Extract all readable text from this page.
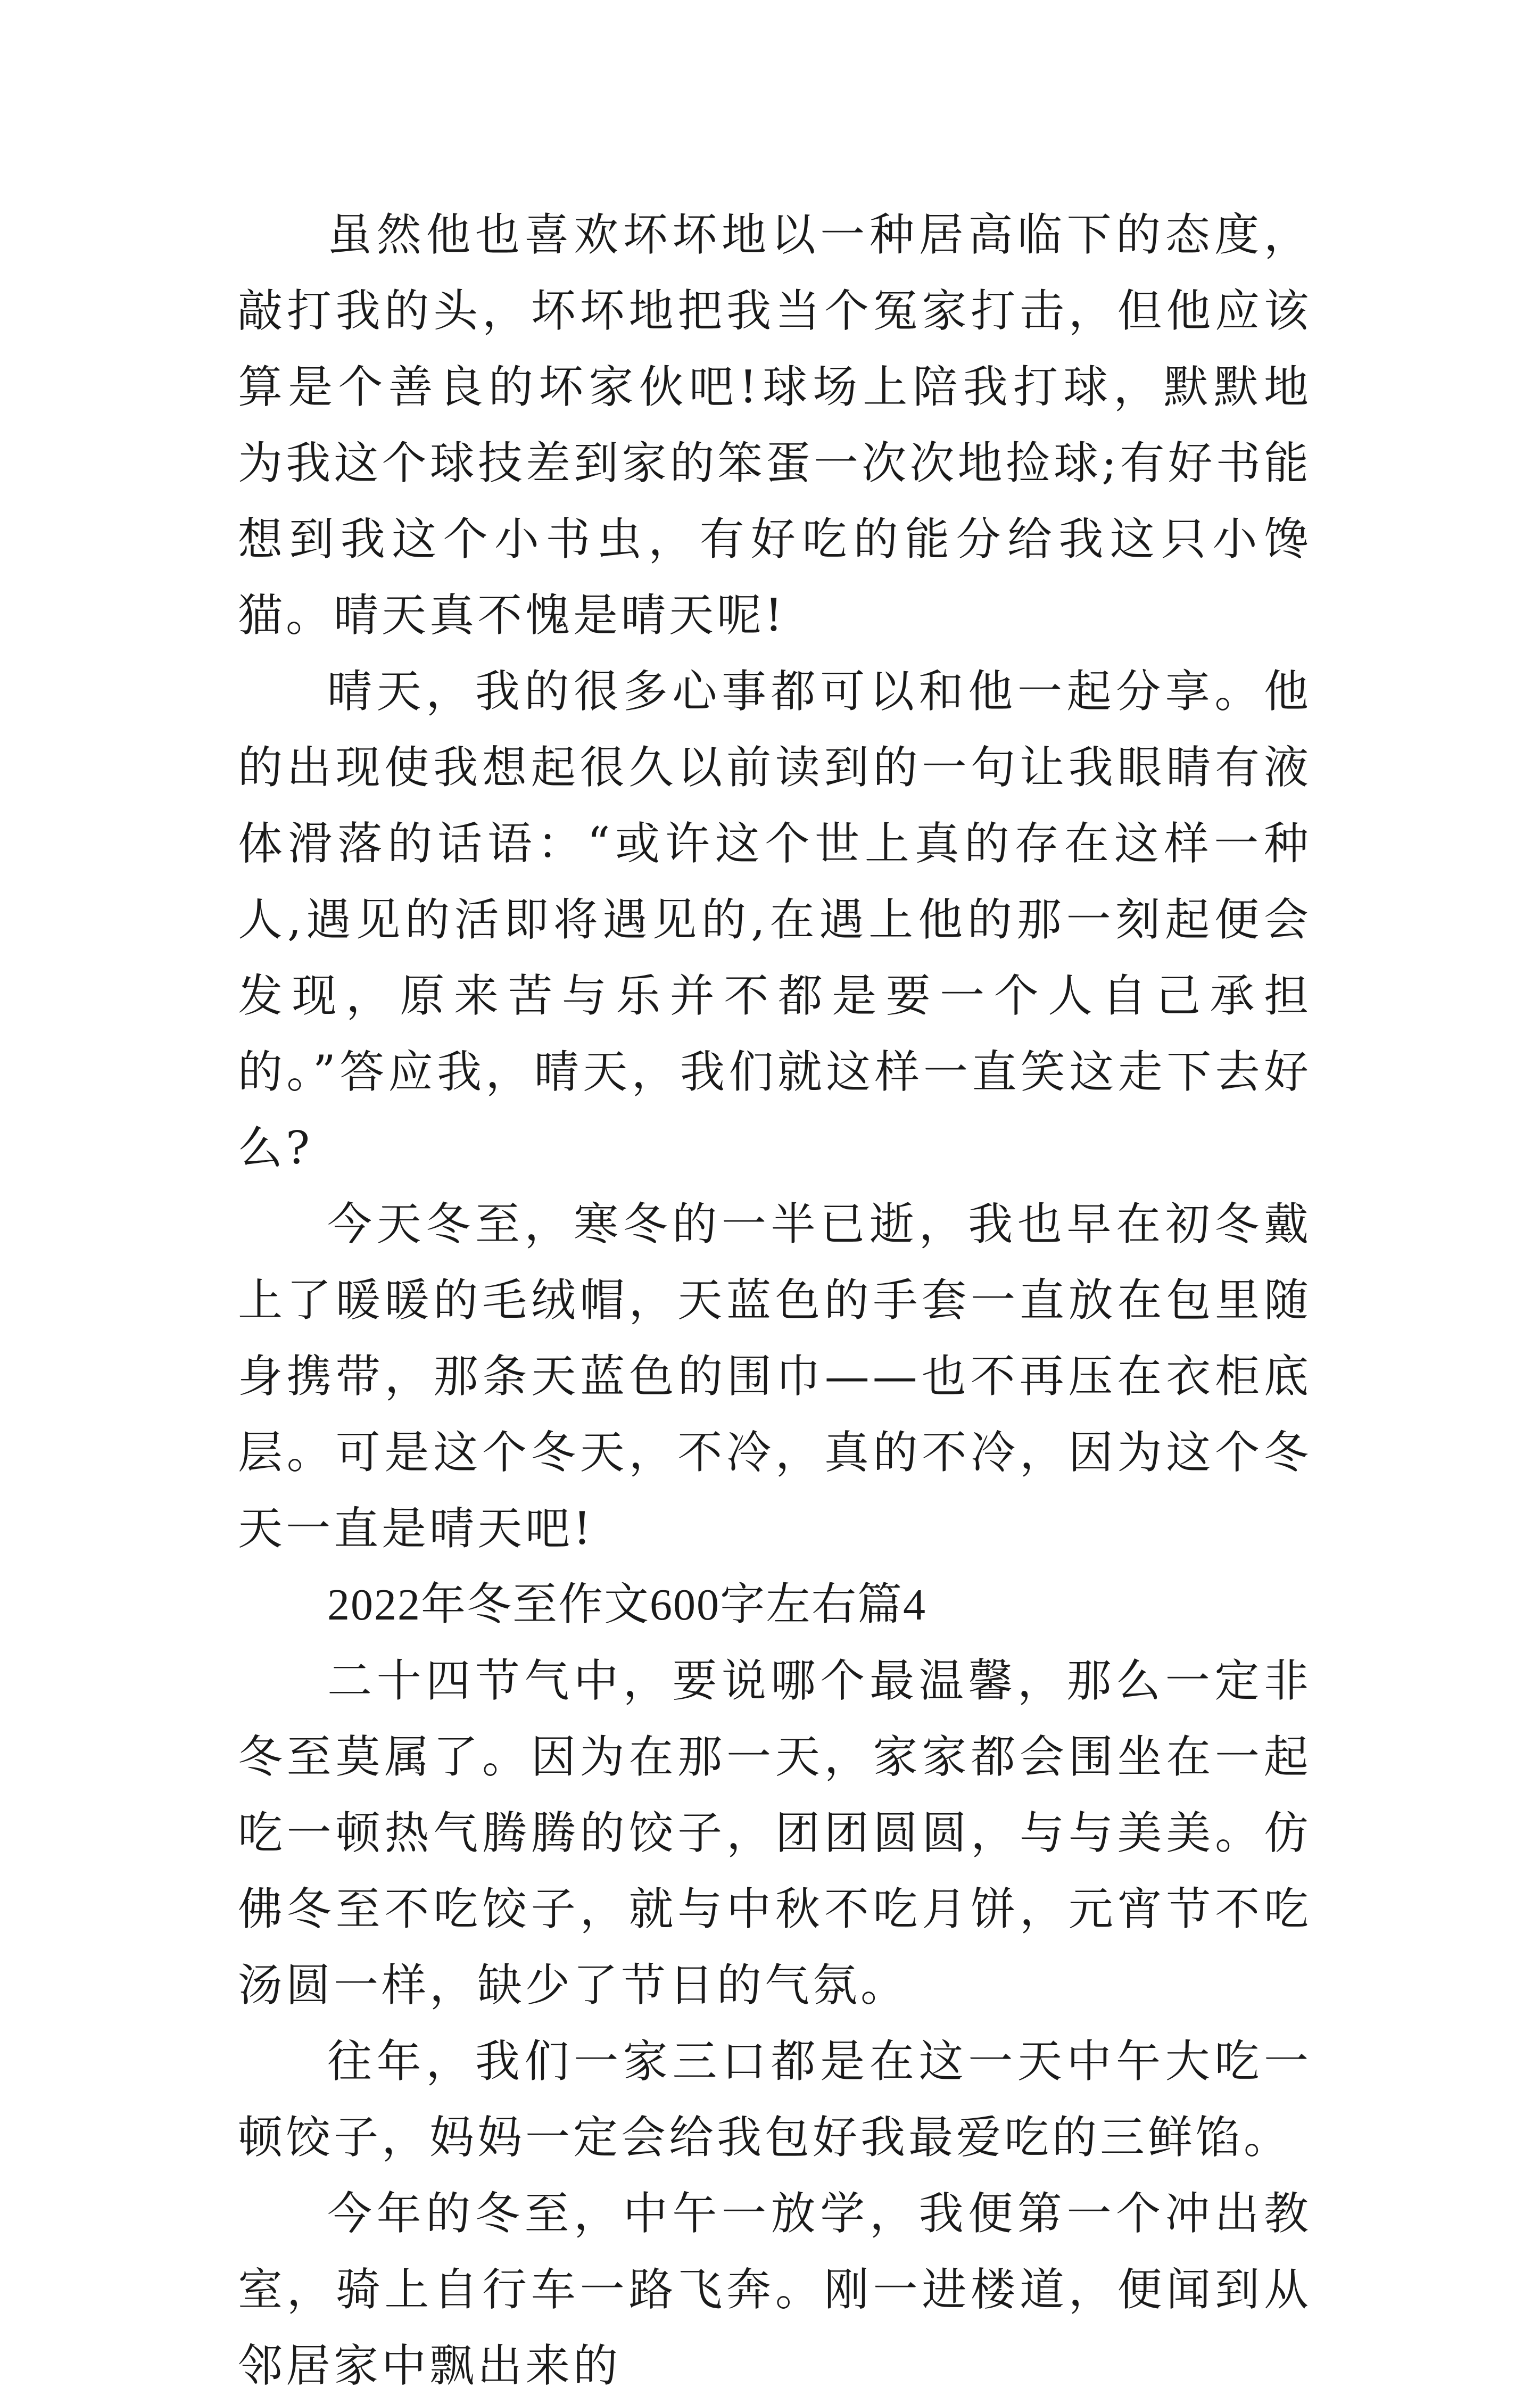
虽然他也喜欢坏坏地以一种居高临下的态度，敲打我的头，坏坏地把我当个冤家打击，但他应该算是个善良的坏家伙吧!球场上陪我打球，默默地为我这个球技差到家的笨蛋一次次地捡球;有好书能想到我这个小书虫，有好吃的能分给我这只小馋猫。晴天真不愧是晴天呢!

晴天，我的很多心事都可以和他一起分享。他的出现使我想起很久以前读到的一句让我眼睛有液体滑落的话语：“或许这个世上真的存在这样一种人,遇见的活即将遇见的,在遇上他的那一刻起便会发现，原来苦与乐并不都是要一个人自己承担的。”答应我，晴天，我们就这样一直笑这走下去好么?

今天冬至，寒冬的一半已逝，我也早在初冬戴上了暖暖的毛绒帽，天蓝色的手套一直放在包里随身携带，那条天蓝色的围巾——也不再压在衣柜底层。可是这个冬天，不冷，真的不冷，因为这个冬天一直是晴天吧!

2022年冬至作文600字左右篇4

二十四节气中，要说哪个最温馨，那么一定非冬至莫属了。因为在那一天，家家都会围坐在一起吃一顿热气腾腾的饺子，团团圆圆，与与美美。仿佛冬至不吃饺子，就与中秋不吃月饼，元宵节不吃汤圆一样，缺少了节日的气氛。

往年，我们一家三口都是在这一天中午大吃一顿饺子，妈妈一定会给我包好我最爱吃的三鲜馅。

今年的冬至，中午一放学，我便第一个冲出教室，骑上自行车一路飞奔。刚一进楼道，便闻到从邻居家中飘出来的
